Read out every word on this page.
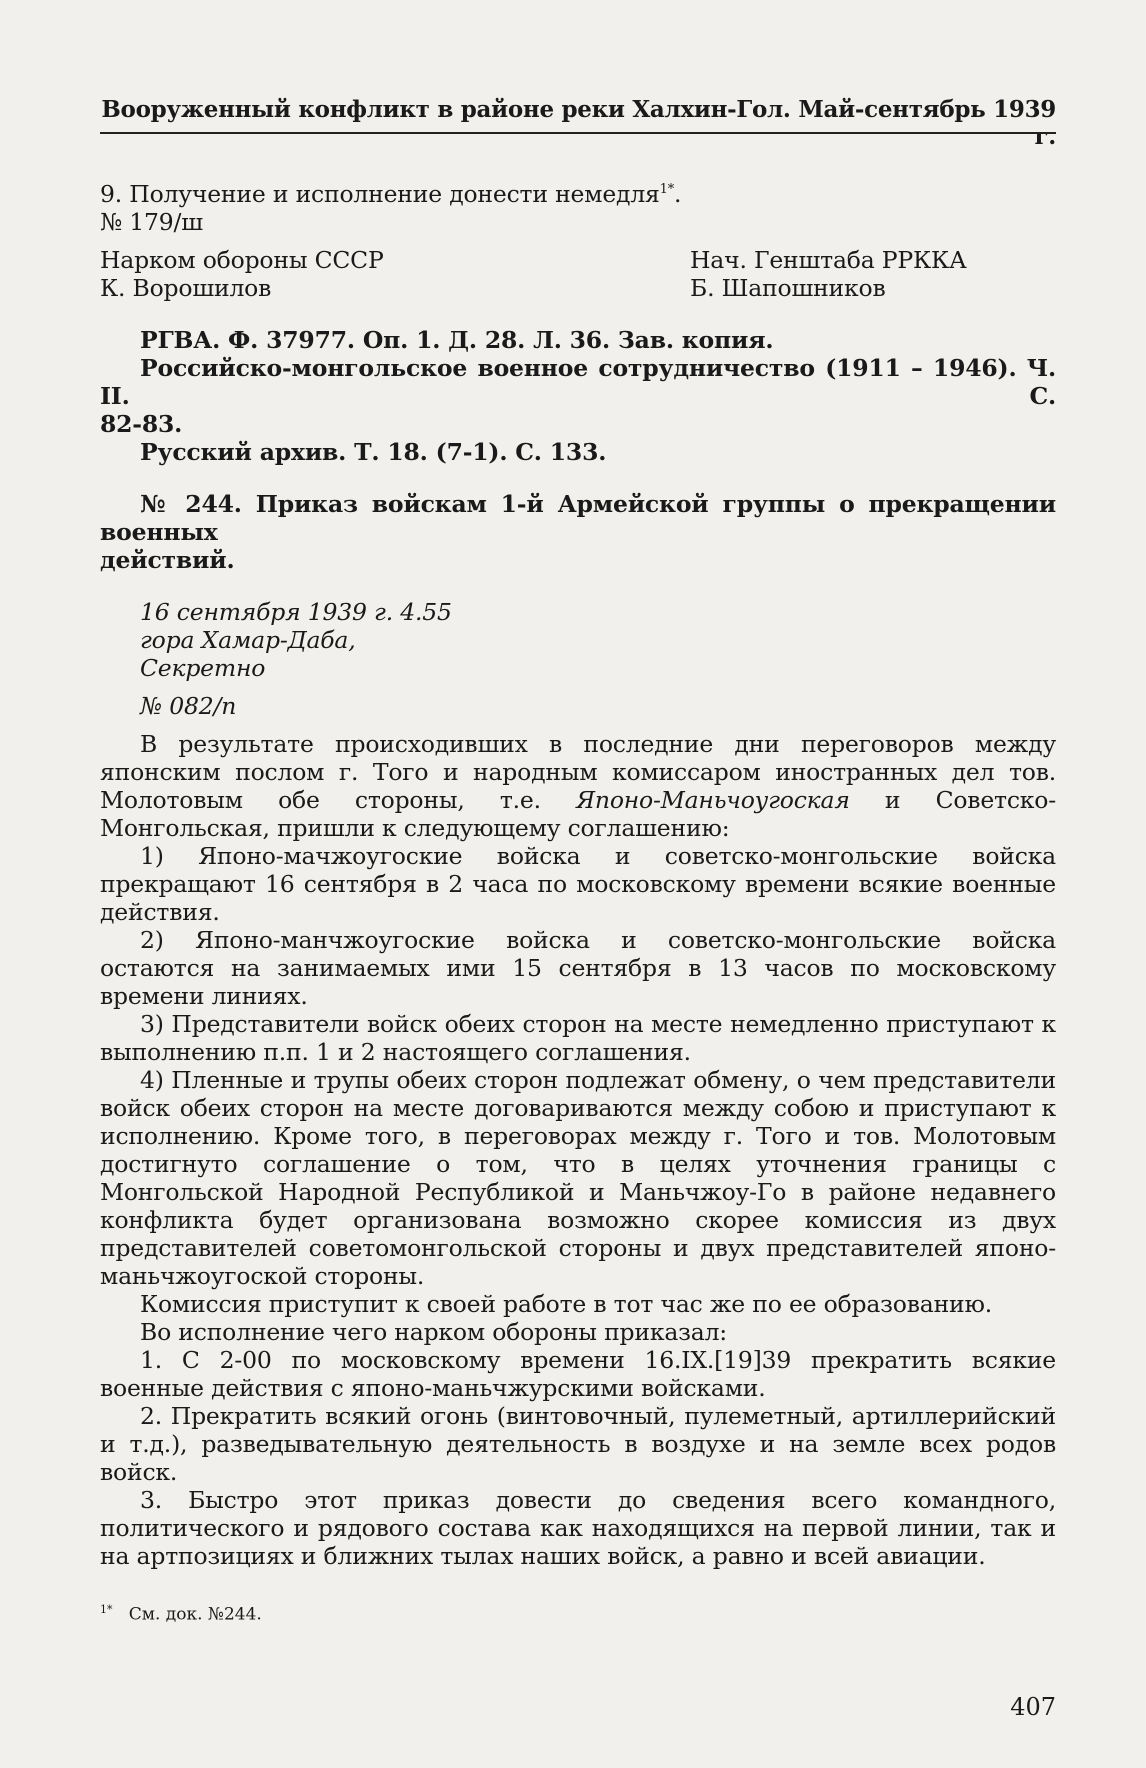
Вооруженный конфликт в районе реки Халхин-Гол. Май-сентябрь 1939 г.

9. Получение и исполнение донести немедля$^{1*}$.

№ 179/ш

Нарком обороны СССР	Нач. Генштаба РРККА
К. Ворошилов	Б. Шапошников

РГВА. Ф. 37977. Оп. 1. Д. 28. Л. 36. Зав. копия.

Российско-монгольское военное сотрудничество (1911 – 1946). Ч. II. С.

82-83.

Русский архив. Т. 18. (7-1). С. 133.

№ 244. Приказ войскам 1-й Армейской группы о прекращении военных

действий.

16 сентября 1939 г. 4.55

гора Хамар-Даба,

Секретно

№ 082/п

В результате происходивших в последние дни переговоров между японским послом г. Того и народным комиссаром иностранных дел тов. Молотовым обе стороны, т.е. Японо-Маньчоугоская и Советско-Монгольская, пришли к следующему соглашению:

1) Японо-мачжоугоские войска и советско-монгольские войска прекращают 16 сентября в 2 часа по московскому времени всякие военные действия.

2) Японо-манчжоугоские войска и советско-монгольские войска остаются на занимаемых ими 15 сентября в 13 часов по московскому времени линиях.

3) Представители войск обеих сторон на месте немедленно приступают к выполнению п.п. 1 и 2 настоящего соглашения.

4) Пленные и трупы обеих сторон подлежат обмену, о чем представители войск обеих сторон на месте договариваются между собою и приступают к исполнению. Кроме того, в переговорах между г. Того и тов. Молотовым достигнуто соглашение о том, что в целях уточнения границы с Монгольской Народной Республикой и Маньчжоу-Го в районе недавнего конфликта будет организована возможно скорее комиссия из двух представителей советомонгольской стороны и двух представителей японо-маньчжоугоской стороны.

Комиссия приступит к своей работе в тот час же по ее образованию.

Во исполнение чего нарком обороны приказал:

1. С 2-00 по московскому времени 16.IX.[19]39 прекратить всякие военные действия с японо-маньчжурскими войсками.

2. Прекратить всякий огонь (винтовочный, пулеметный, артиллерийский и т.д.), разведывательную деятельность в воздухе и на земле всех родов войск.

3. Быстро этот приказ довести до сведения всего командного, политического и рядового состава как находящихся на первой линии, так и на артпозициях и ближних тылах наших войск, а равно и всей авиации.

$^{1*}$ См. док. №244.
407
